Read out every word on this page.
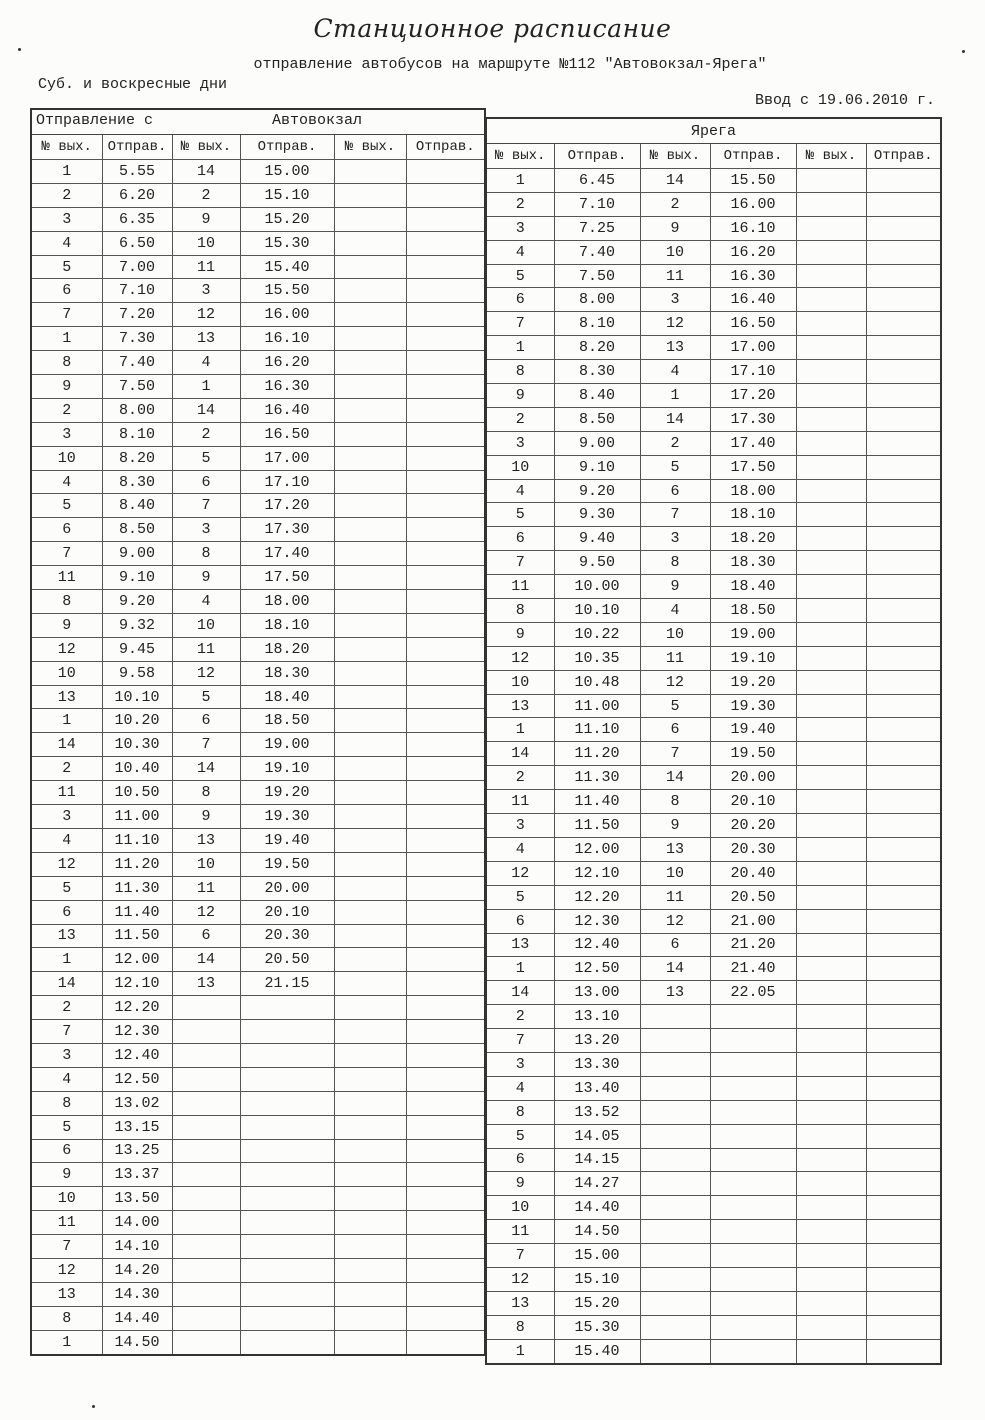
Станционное расписание
отправление автобусов на маршруте №112 "Автовокзал-Ярега"
Суб. и воскресные дни
Ввод с 19.06.2010 г.
Отправление с	Автовокзал
№ вых.	Отправ.	№ вых.	Отправ.	№ вых.	Отправ.
1	5.55	14	15.00		
2	6.20	2	15.10		
3	6.35	9	15.20		
4	6.50	10	15.30		
5	7.00	11	15.40		
6	7.10	3	15.50		
7	7.20	12	16.00		
1	7.30	13	16.10		
8	7.40	4	16.20		
9	7.50	1	16.30		
2	8.00	14	16.40		
3	8.10	2	16.50		
10	8.20	5	17.00		
4	8.30	6	17.10		
5	8.40	7	17.20		
6	8.50	3	17.30		
7	9.00	8	17.40		
11	9.10	9	17.50		
8	9.20	4	18.00		
9	9.32	10	18.10		
12	9.45	11	18.20		
10	9.58	12	18.30		
13	10.10	5	18.40		
1	10.20	6	18.50		
14	10.30	7	19.00		
2	10.40	14	19.10		
11	10.50	8	19.20		
3	11.00	9	19.30		
4	11.10	13	19.40		
12	11.20	10	19.50		
5	11.30	11	20.00		
6	11.40	12	20.10		
13	11.50	6	20.30		
1	12.00	14	20.50		
14	12.10	13	21.15		
2	12.20				
7	12.30				
3	12.40				
4	12.50				
8	13.02				
5	13.15				
6	13.25				
9	13.37				
10	13.50				
11	14.00				
7	14.10				
12	14.20				
13	14.30				
8	14.40				
1	14.50				
Ярега
№ вых.	Отправ.	№ вых.	Отправ.	№ вых.	Отправ.
1	6.45	14	15.50		
2	7.10	2	16.00		
3	7.25	9	16.10		
4	7.40	10	16.20		
5	7.50	11	16.30		
6	8.00	3	16.40		
7	8.10	12	16.50		
1	8.20	13	17.00		
8	8.30	4	17.10		
9	8.40	1	17.20		
2	8.50	14	17.30		
3	9.00	2	17.40		
10	9.10	5	17.50		
4	9.20	6	18.00		
5	9.30	7	18.10		
6	9.40	3	18.20		
7	9.50	8	18.30		
11	10.00	9	18.40		
8	10.10	4	18.50		
9	10.22	10	19.00		
12	10.35	11	19.10		
10	10.48	12	19.20		
13	11.00	5	19.30		
1	11.10	6	19.40		
14	11.20	7	19.50		
2	11.30	14	20.00		
11	11.40	8	20.10		
3	11.50	9	20.20		
4	12.00	13	20.30		
12	12.10	10	20.40		
5	12.20	11	20.50		
6	12.30	12	21.00		
13	12.40	6	21.20		
1	12.50	14	21.40		
14	13.00	13	22.05		
2	13.10				
7	13.20				
3	13.30				
4	13.40				
8	13.52				
5	14.05				
6	14.15				
9	14.27				
10	14.40				
11	14.50				
7	15.00				
12	15.10				
13	15.20				
8	15.30				
1	15.40				
